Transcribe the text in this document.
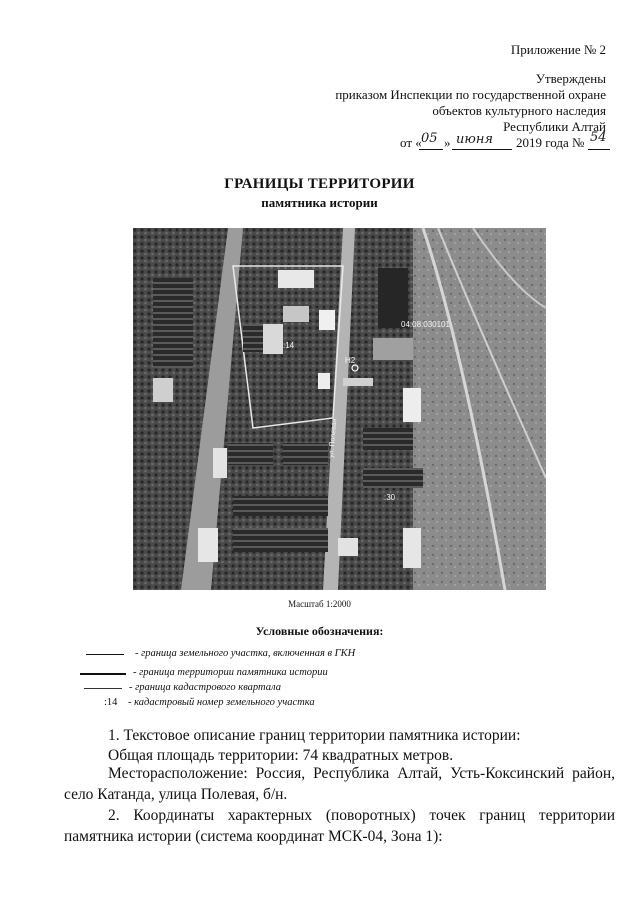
Приложение № 2
Утверждены
приказом Инспекции по государственной охране
объектов культурного наследия
Республики Алтай
от « 05 » июня 2019 года № 54
ГРАНИЦЫ ТЕРРИТОРИИ
памятника истории
04:08:030101
:14
H2
:30
ул. Полевая
Масштаб 1:2000
Условные обозначения:
- граница земельного участка, включенная в ГКН
- граница территории памятника истории
- граница кадастрового квартала
:14 - кадастровый номер земельного участка
1. Текстовое описание границ территории памятника истории:
Общая площадь территории: 74 квадратных метров.
Месторасположение: Россия, Республика Алтай, Усть-Коксинский район, село Катанда, улица Полевая, б/н.
2. Координаты характерных (поворотных) точек границ территории памятника истории (система координат МСК-04, Зона 1):
